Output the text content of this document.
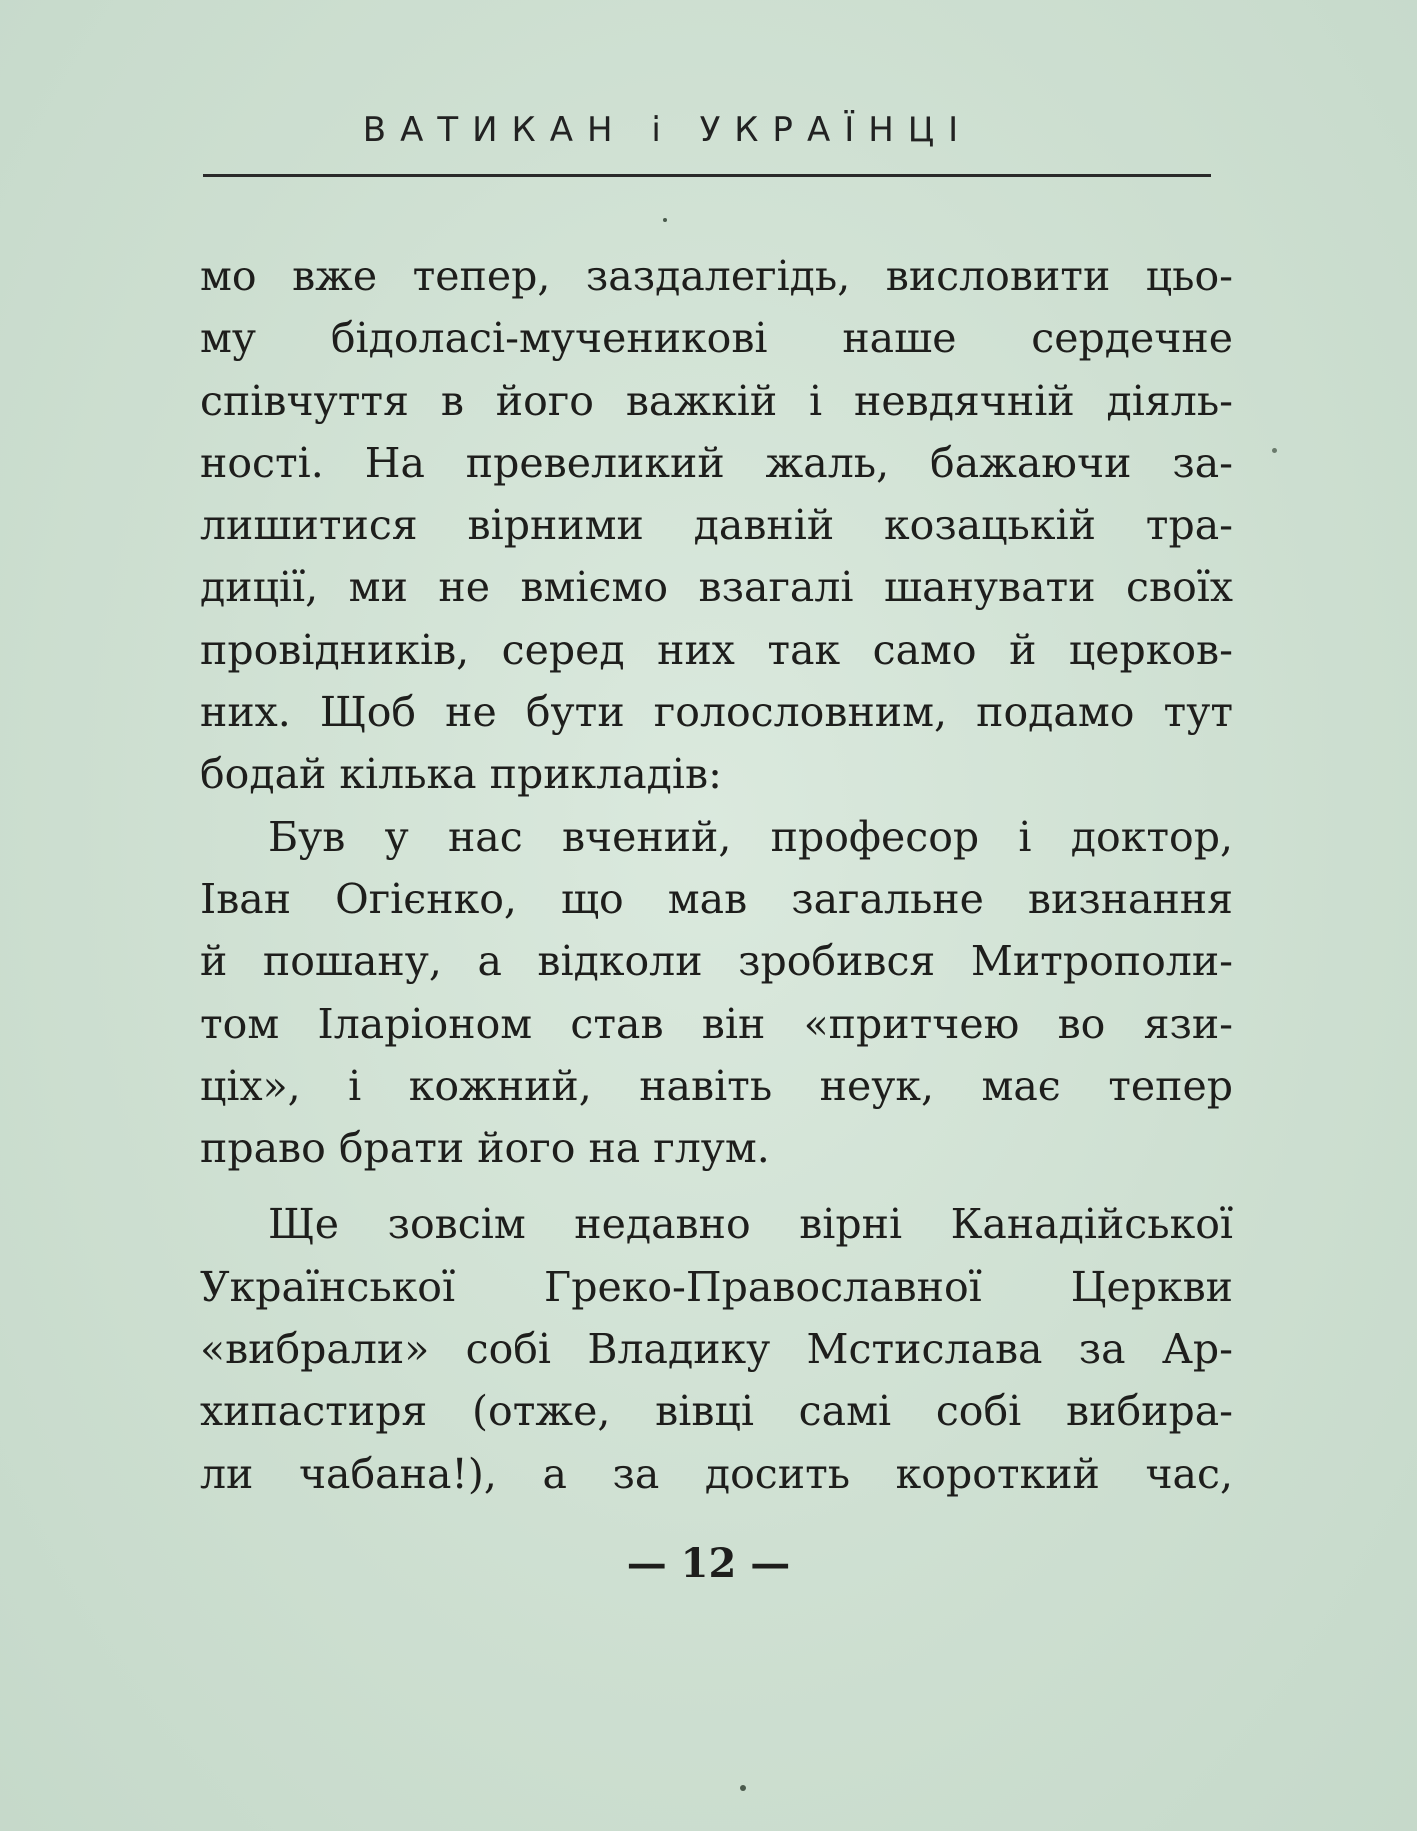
ВАТИКАН і УКРАЇНЦІ
мо вже тепер, заздалегідь, висловити цьо-
му бідоласі-мученикові наше сердечне
співчуття в його важкій і невдячній діяль-
ності. На превеликий жаль, бажаючи за-
лишитися вірними давній козацькій тра-
диції, ми не вміємо взагалі шанувати своїх
провідників, серед них так само й церков-
них. Щоб не бути голословним, подамо тут
бодай кілька прикладів:
Був у нас вчений, професор і доктор,
Іван Огієнко, що мав загальне визнання
й пошану, а відколи зробився Митрополи-
том Іларіоном став він «притчею во язи-
ціх», і кожний, навіть неук, має тепер
право брати його на глум.
Ще зовсім недавно вірні Канадійської
Української Греко-Православної Церкви
«вибрали» собі Владику Мстислава за Ар-
хипастиря (отже, вівці самі собі вибира-
ли чабана!), а за досить короткий час,
— 12 —
